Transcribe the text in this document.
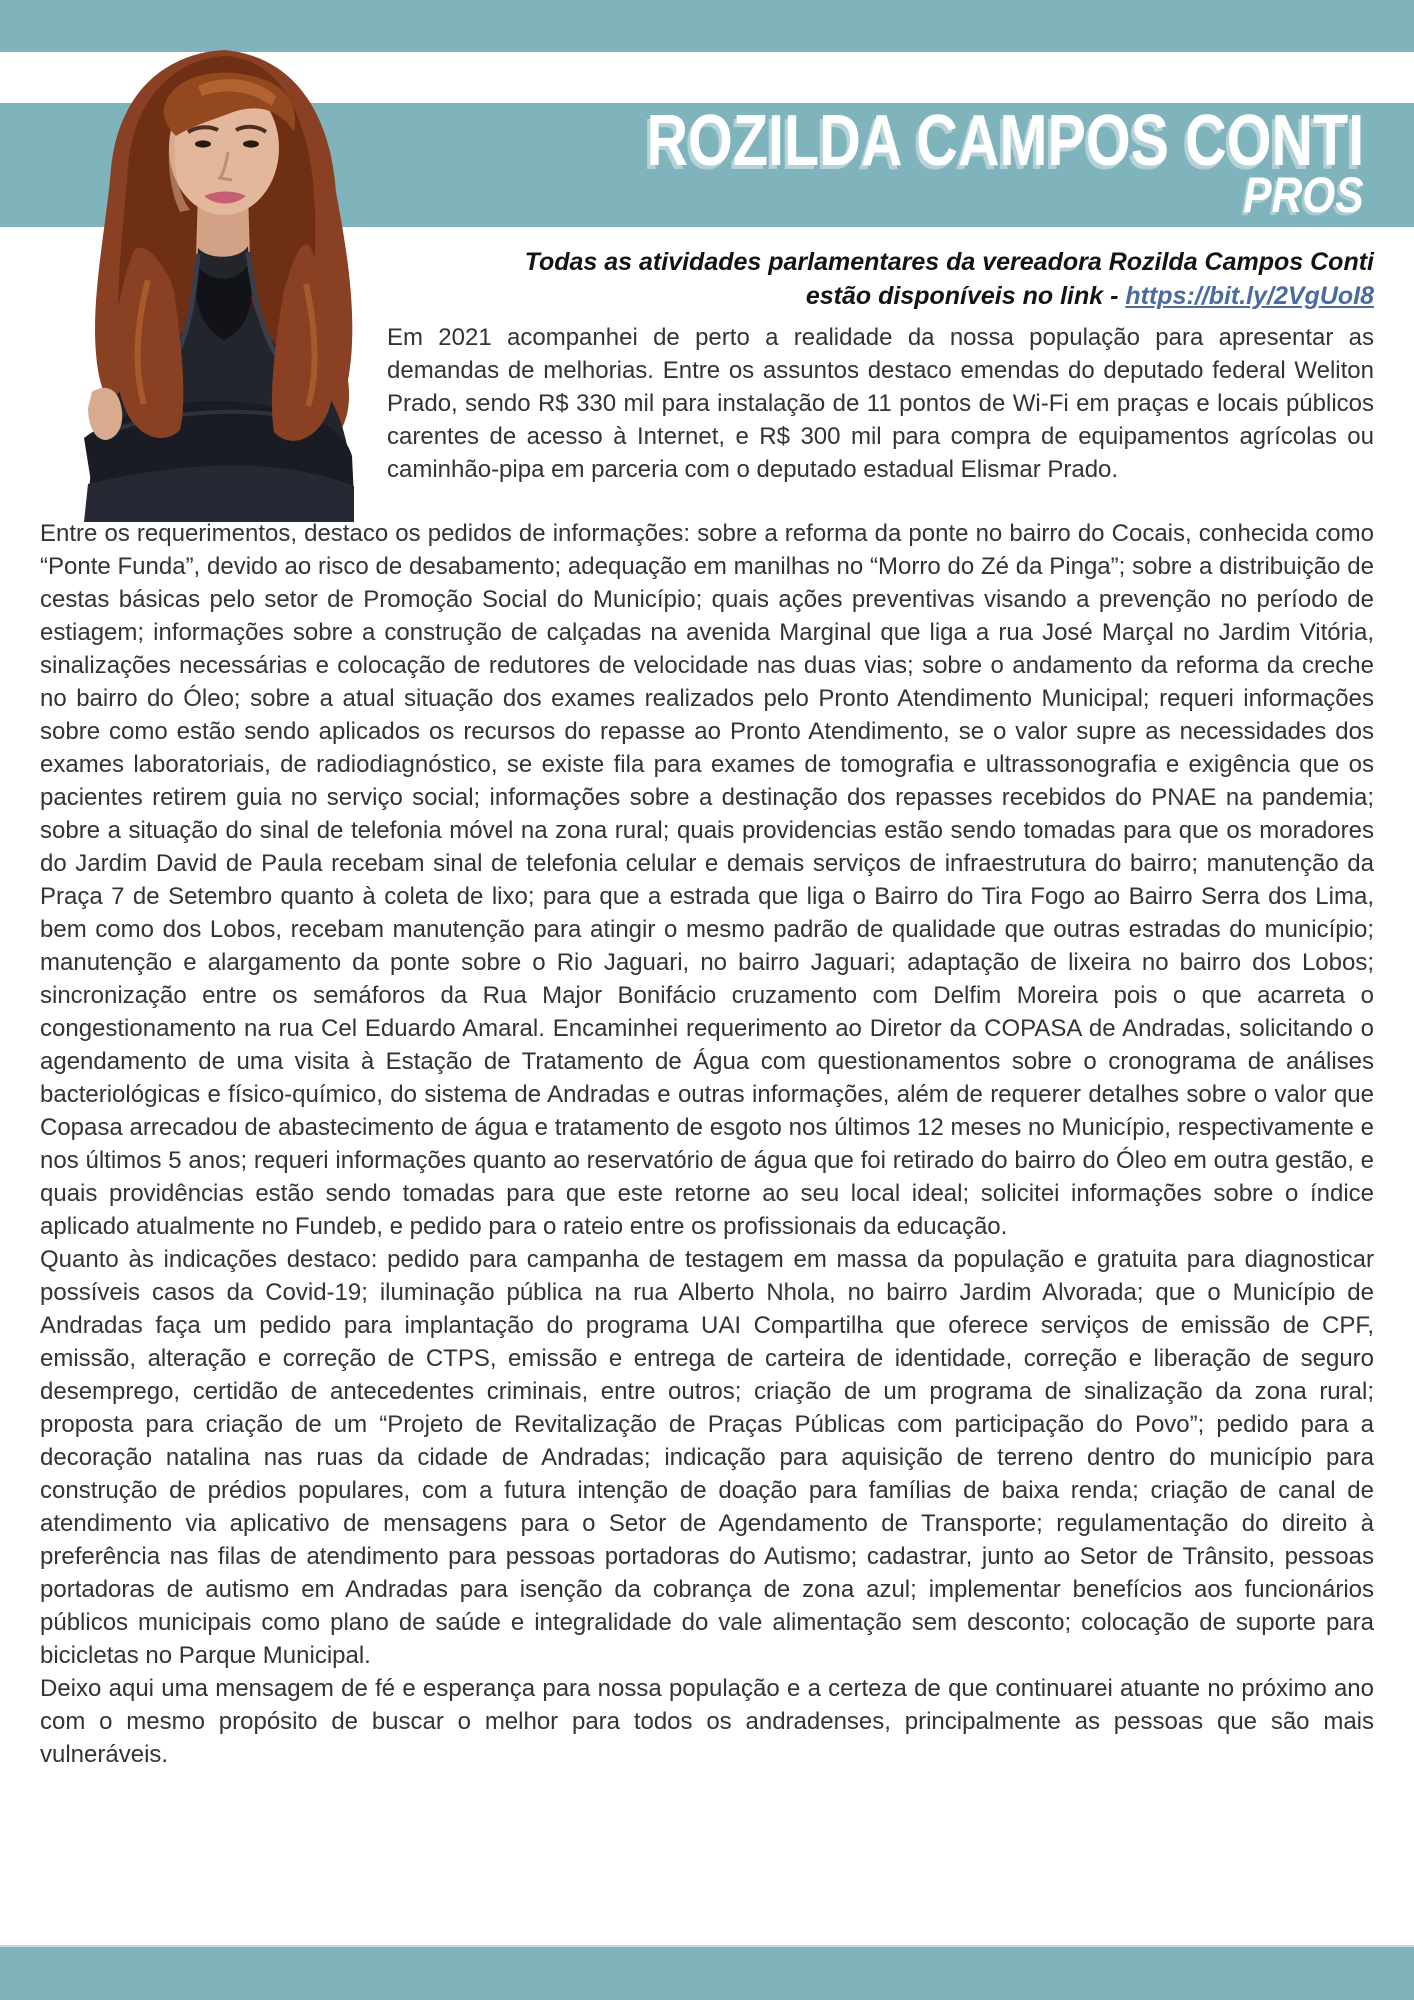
ROZILDA CAMPOS CONTI
PROS

Todas as atividades parlamentares da vereadora Rozilda Campos Conti
estão disponíveis no link - https://bit.ly/2VgUoI8

Em 2021 acompanhei de perto a realidade da nossa população para apresentar as demandas de melhorias. Entre os assuntos destaco emendas do deputado federal Weliton Prado, sendo R$ 330 mil para instalação de 11 pontos de Wi-Fi em praças e locais públicos carentes de acesso à Internet, e R$ 300 mil para compra de equipamentos agrícolas ou caminhão-pipa em parceria com o deputado estadual Elismar Prado.

Entre os requerimentos, destaco os pedidos de informações: sobre a reforma da ponte no bairro do Cocais, conhecida como “Ponte Funda”, devido ao risco de desabamento; adequação em manilhas no “Morro do Zé da Pinga”; sobre a distribuição de cestas básicas pelo setor de Promoção Social do Município; quais ações preventivas visando a prevenção no período de estiagem; informações sobre a construção de calçadas na avenida Marginal que liga a rua José Marçal no Jardim Vitória, sinalizações necessárias e colocação de redutores de velocidade nas duas vias; sobre o andamento da reforma da creche no bairro do Óleo; sobre a atual situação dos exames realizados pelo Pronto Atendimento Municipal; requeri informações sobre como estão sendo aplicados os recursos do repasse ao Pronto Atendimento, se o valor supre as necessidades dos exames laboratoriais, de radiodiagnóstico, se existe fila para exames de tomografia e ultrassonografia e exigência que os pacientes retirem guia no serviço social; informações sobre a destinação dos repasses recebidos do PNAE na pandemia; sobre a situação do sinal de telefonia móvel na zona rural; quais providencias estão sendo tomadas para que os moradores do Jardim David de Paula recebam sinal de telefonia celular e demais serviços de infraestrutura do bairro; manutenção da Praça 7 de Setembro quanto à coleta de lixo; para que a estrada que liga o Bairro do Tira Fogo ao Bairro Serra dos Lima, bem como dos Lobos, recebam manutenção para atingir o mesmo padrão de qualidade que outras estradas do município; manutenção e alargamento da ponte sobre o Rio Jaguari, no bairro Jaguari; adaptação de lixeira no bairro dos Lobos; sincronização entre os semáforos da Rua Major Bonifácio cruzamento com Delfim Moreira pois o que acarreta o congestionamento na rua Cel Eduardo Amaral. Encaminhei requerimento ao Diretor da COPASA de Andradas, solicitando o agendamento de uma visita à Estação de Tratamento de Água com questionamentos sobre o cronograma de análises bacteriológicas e físico-químico, do sistema de Andradas e outras informações, além de requerer detalhes sobre o valor que Copasa arrecadou de abastecimento de água e tratamento de esgoto nos últimos 12 meses no Município, respectivamente e nos últimos 5 anos; requeri informações quanto ao reservatório de água que foi retirado do bairro do Óleo em outra gestão, e quais providências estão sendo tomadas para que este retorne ao seu local ideal; solicitei informações sobre o índice aplicado atualmente no Fundeb, e pedido para o rateio entre os profissionais da educação.

Quanto às indicações destaco: pedido para campanha de testagem em massa da população e gratuita para diagnosticar possíveis casos da Covid-19; iluminação pública na rua Alberto Nhola, no bairro Jardim Alvorada; que o Município de Andradas faça um pedido para implantação do programa UAI Compartilha que oferece serviços de emissão de CPF, emissão, alteração e correção de CTPS, emissão e entrega de carteira de identidade, correção e liberação de seguro desemprego, certidão de antecedentes criminais, entre outros; criação de um programa de sinalização da zona rural; proposta para criação de um “Projeto de Revitalização de Praças Públicas com participação do Povo”; pedido para a decoração natalina nas ruas da cidade de Andradas; indicação para aquisição de terreno dentro do município para construção de prédios populares, com a futura intenção de doação para famílias de baixa renda; criação de canal de atendimento via aplicativo de mensagens para o Setor de Agendamento de Transporte; regulamentação do direito à preferência nas filas de atendimento para pessoas portadoras do Autismo; cadastrar, junto ao Setor de Trânsito, pessoas portadoras de autismo em Andradas para isenção da cobrança de zona azul; implementar benefícios aos funcionários públicos municipais como plano de saúde e integralidade do vale alimentação sem desconto; colocação de suporte para bicicletas no Parque Municipal.

Deixo aqui uma mensagem de fé e esperança para nossa população e a certeza de que continuarei atuante no próximo ano com o mesmo propósito de buscar o melhor para todos os andradenses, principalmente as pessoas que são mais vulneráveis.
